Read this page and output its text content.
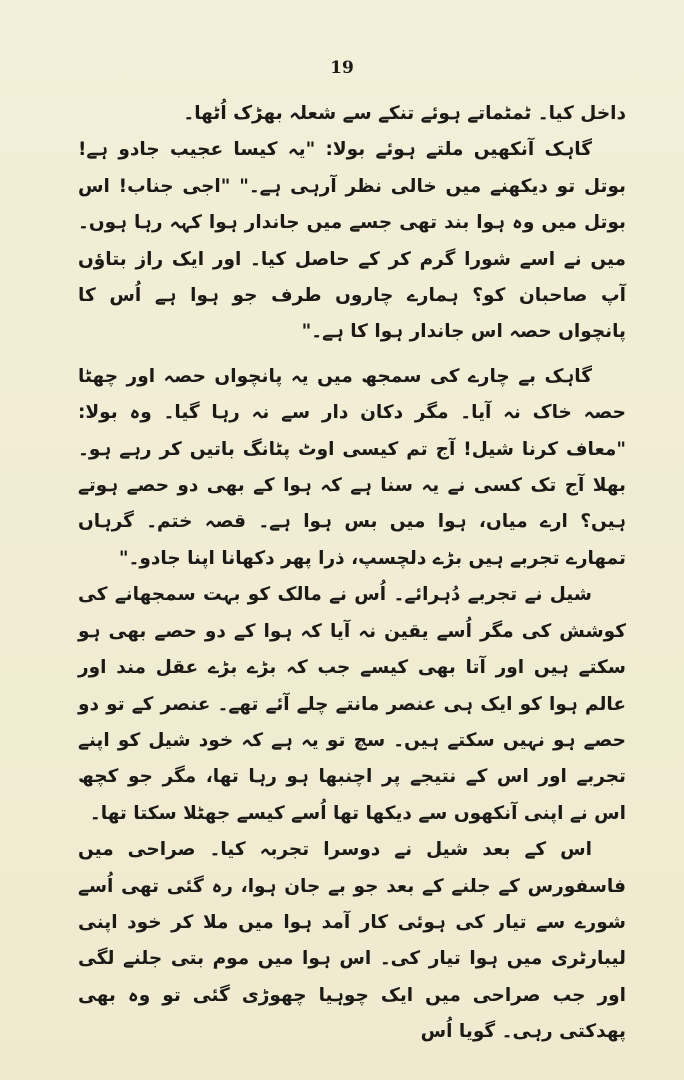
19

داخل کیا۔ ٹمٹماتے ہوئے تنکے سے شعلہ بھڑک اُٹھا۔

گاہک آنکھیں ملتے ہوئے بولا: "یہ کیسا عجیب جادو ہے! بوتل تو دیکھنے میں خالی نظر آرہی ہے۔" "اجی جناب! اس بوتل میں وہ ہوا بند تھی جسے میں جاندار ہوا کہہ رہا ہوں۔ میں نے اسے شورا گرم کر کے حاصل کیا۔ اور ایک راز بتاؤں آپ صاحبان کو؟ ہمارے چاروں طرف جو ہوا ہے اُس کا پانچواں حصہ اس جاندار ہوا کا ہے۔"

گاہک بے چارے کی سمجھ میں یہ پانچواں حصہ اور چھٹا حصہ خاک نہ آیا۔ مگر دکان دار سے نہ رہا گیا۔ وہ بولا: "معاف کرنا شیل! آج تم کیسی اوٹ پٹانگ باتیں کر رہے ہو۔ بھلا آج تک کسی نے یہ سنا ہے کہ ہوا کے بھی دو حصے ہوتے ہیں؟ ارے میاں، ہوا میں بس ہوا ہے۔ قصہ ختم۔ گرہاں تمھارے تجربے ہیں بڑے دلچسپ، ذرا پھر دکھانا اپنا جادو۔"

شیل نے تجربے دُہرائے۔ اُس نے مالک کو بہت سمجھانے کی کوشش کی مگر اُسے یقین نہ آیا کہ ہوا کے دو حصے بھی ہو سکتے ہیں اور آتا بھی کیسے جب کہ بڑے بڑے عقل مند اور عالم ہوا کو ایک ہی عنصر مانتے چلے آئے تھے۔ عنصر کے تو دو حصے ہو نہیں سکتے ہیں۔ سچ تو یہ ہے کہ خود شیل کو اپنے تجربے اور اس کے نتیجے پر اچنبھا ہو رہا تھا، مگر جو کچھ اس نے اپنی آنکھوں سے دیکھا تھا اُسے کیسے جھٹلا سکتا تھا۔

اس کے بعد شیل نے دوسرا تجربہ کیا۔ صراحی میں فاسفورس کے جلنے کے بعد جو بے جان ہوا، رہ گئی تھی اُسے شورے سے تیار کی ہوئی کار آمد ہوا میں ملا کر خود اپنی لیبارٹری میں ہوا تیار کی۔ اس ہوا میں موم بتی جلنے لگی اور جب صراحی میں ایک چوہیا چھوڑی گئی تو وہ بھی پھدکتی رہی۔ گویا اُس
